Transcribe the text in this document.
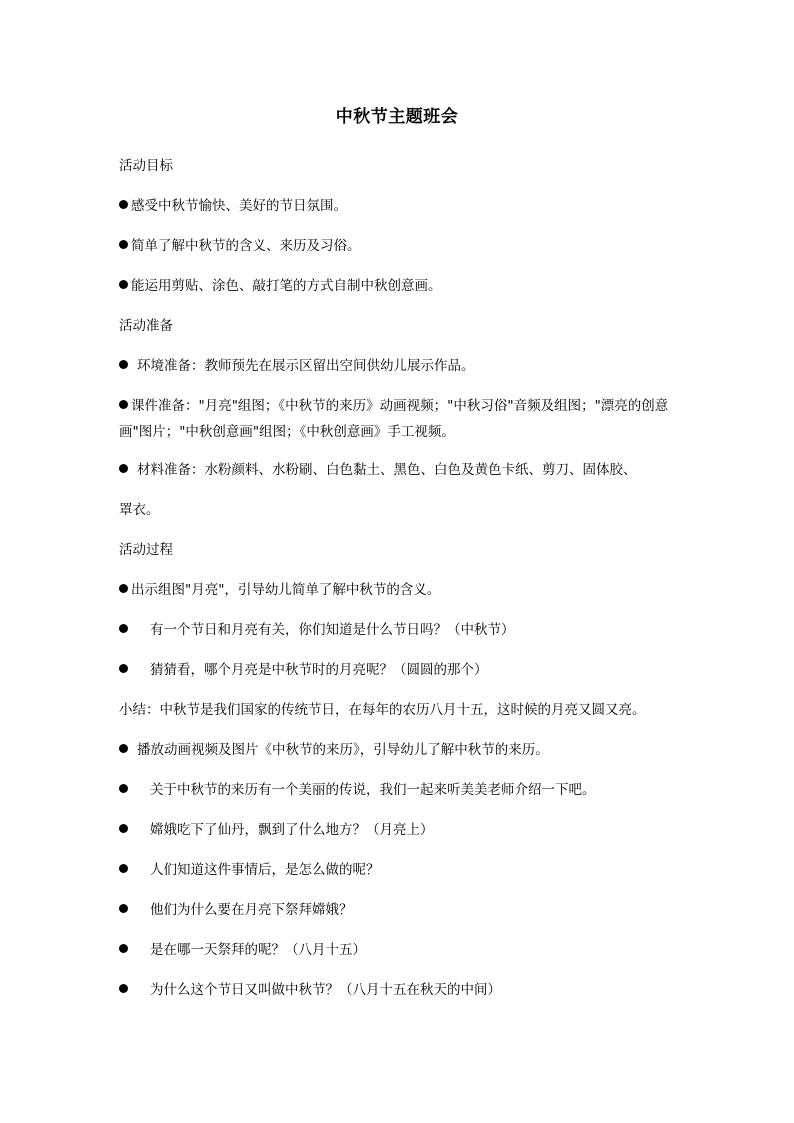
中秋节主题班会
活动目标
感受中秋节愉快、美好的节日氛围。
简单了解中秋节的含义、来历及习俗。
能运用剪贴、涂色、敲打笔的方式自制中秋创意画。
活动准备
环境准备：教师预先在展示区留出空间供幼儿展示作品。
课件准备："月亮"组图；《中秋节的来历》动画视频；"中秋习俗"音频及组图；"漂亮的创意画"图片；"中秋创意画"组图；《中秋创意画》手工视频。
材料准备：水粉颜料、水粉刷、白色黏土、黑色、白色及黄色卡纸、剪刀、固体胶、
罩衣。
活动过程
出示组图"月亮"，引导幼儿简单了解中秋节的含义。
有一个节日和月亮有关，你们知道是什么节日吗？（中秋节）
猜猜看，哪个月亮是中秋节时的月亮呢？（圆圆的那个）
小结：中秋节是我们国家的传统节日，在每年的农历八月十五，这时候的月亮又圆又亮。
播放动画视频及图片《中秋节的来历》，引导幼儿了解中秋节的来历。
关于中秋节的来历有一个美丽的传说，我们一起来听美美老师介绍一下吧。
嫦娥吃下了仙丹，飘到了什么地方？（月亮上）
人们知道这件事情后，是怎么做的呢？
他们为什么要在月亮下祭拜嫦娥？
是在哪一天祭拜的呢？（八月十五）
为什么这个节日又叫做中秋节？（八月十五在秋天的中间）
